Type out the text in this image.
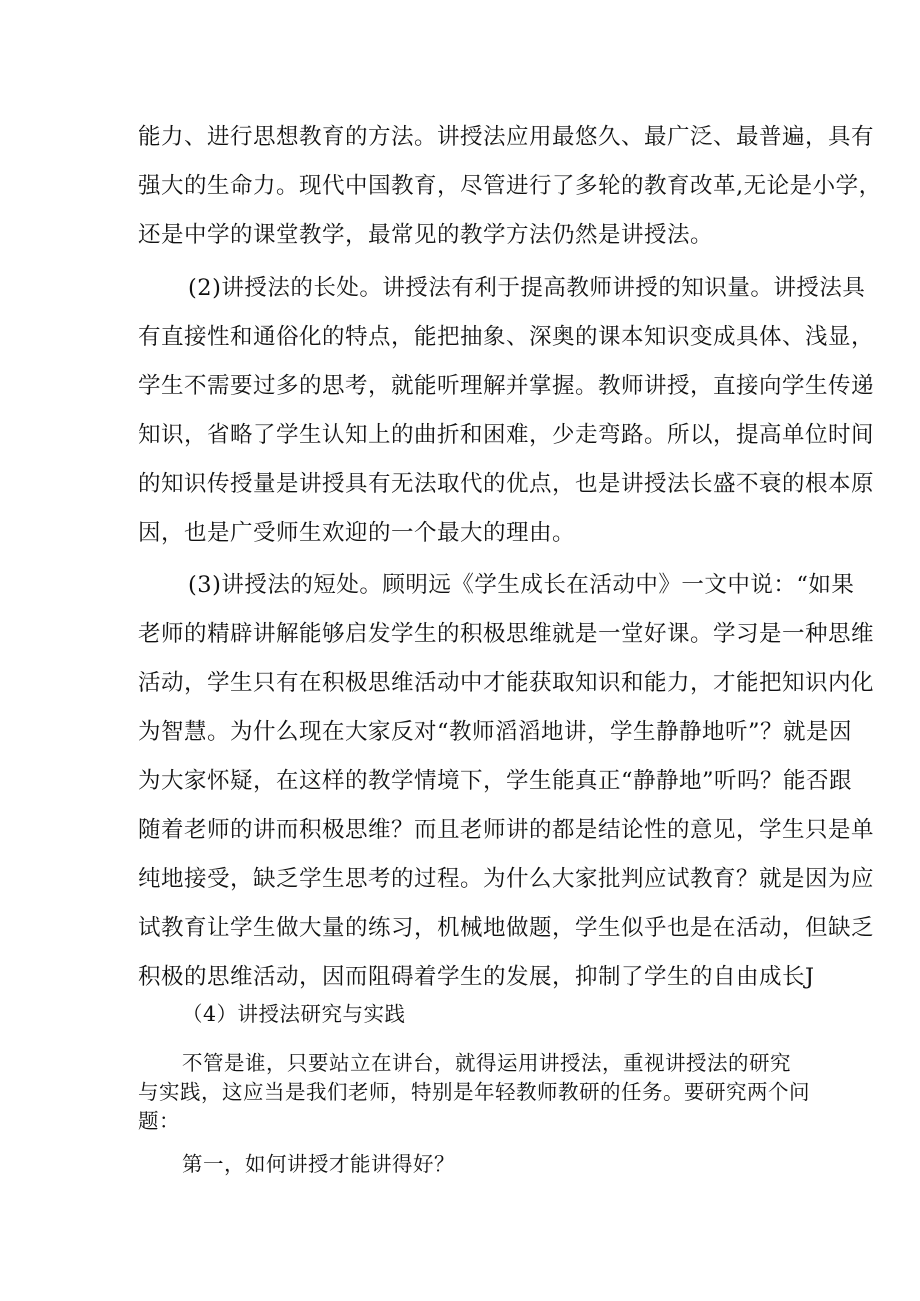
能力、进行思想教育的方法。讲授法应用最悠久、最广泛、最普遍，具有
强大的生命力。现代中国教育，尽管进行了多轮的教育改革,无论是小学，
还是中学的课堂教学，最常见的教学方法仍然是讲授法。
(2)讲授法的长处。讲授法有利于提高教师讲授的知识量。讲授法具
有直接性和通俗化的特点，能把抽象、深奥的课本知识变成具体、浅显，
学生不需要过多的思考，就能听理解并掌握。教师讲授，直接向学生传递
知识，省略了学生认知上的曲折和困难，少走弯路。所以，提高单位时间
的知识传授量是讲授具有无法取代的优点，也是讲授法长盛不衰的根本原
因，也是广受师生欢迎的一个最大的理由。
(3)讲授法的短处。顾明远《学生成长在活动中》一文中说：“如果
老师的精辟讲解能够启发学生的积极思维就是一堂好课。学习是一种思维
活动，学生只有在积极思维活动中才能获取知识和能力，才能把知识内化
为智慧。为什么现在大家反对“教师滔滔地讲，学生静静地听”？就是因
为大家怀疑，在这样的教学情境下，学生能真正“静静地”听吗？能否跟
随着老师的讲而积极思维？而且老师讲的都是结论性的意见，学生只是单
纯地接受，缺乏学生思考的过程。为什么大家批判应试教育？就是因为应
试教育让学生做大量的练习，机械地做题，学生似乎也是在活动，但缺乏
积极的思维活动，因而阻碍着学生的发展，抑制了学生的自由成长J
（4）讲授法研究与实践
不管是谁，只要站立在讲台，就得运用讲授法，重视讲授法的研究
与实践，这应当是我们老师，特别是年轻教师教研的任务。要研究两个问
题：
第一，如何讲授才能讲得好？
